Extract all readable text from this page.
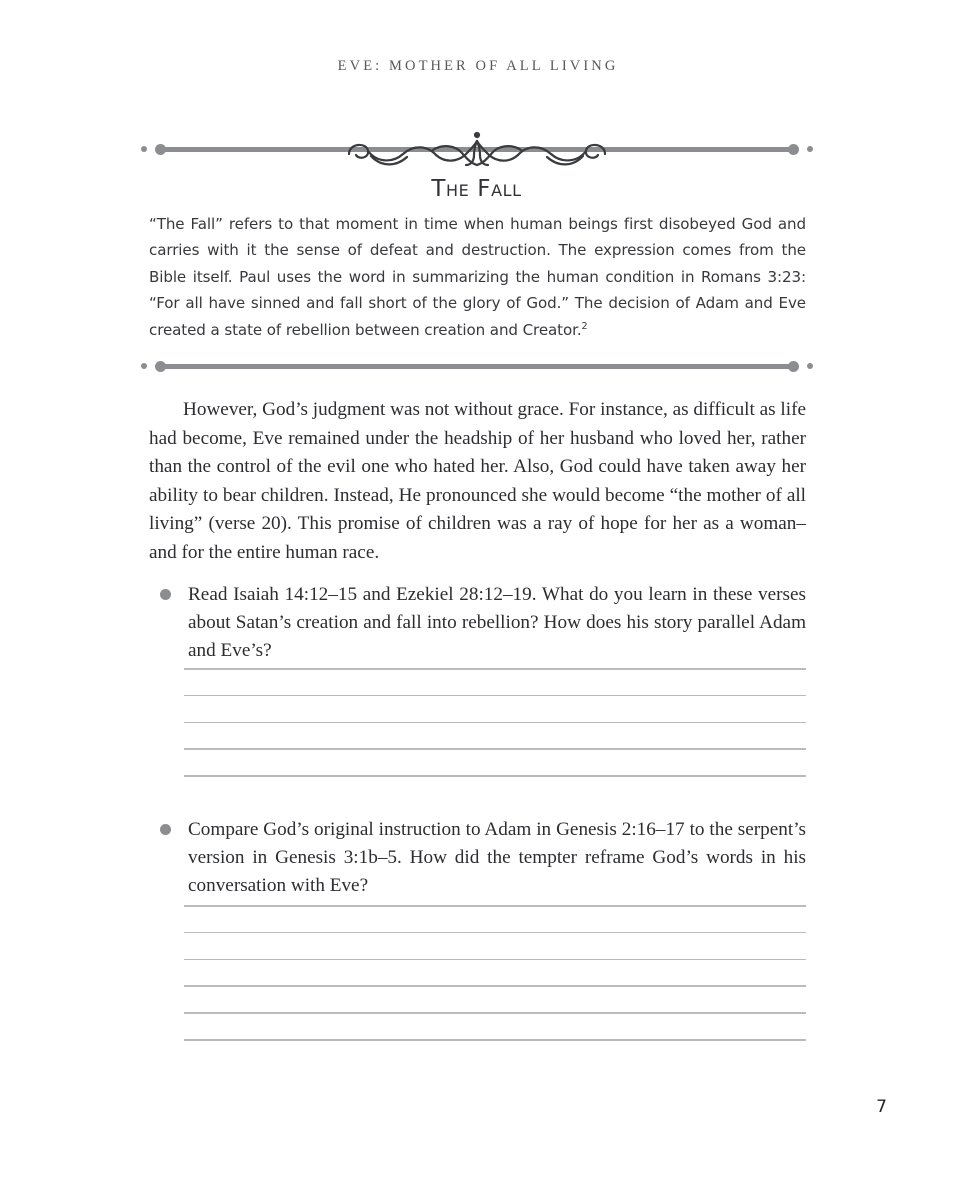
EVE: MOTHER OF ALL LIVING
The Fall
“The Fall” refers to that moment in time when human beings first disobeyed God and carries with it the sense of defeat and destruction. The expression comes from the Bible itself. Paul uses the word in summarizing the human condition in Romans 3:23: “For all have sinned and fall short of the glory of God.” The decision of Adam and Eve created a state of rebellion between creation and Creator.$^2$
However, God’s judgment was not without grace. For instance, as difficult as life had become, Eve remained under the headship of her husband who loved her, rather than the control of the evil one who hated her. Also, God could have taken away her ability to bear children. Instead, He pronounced she would become “the mother of all living” (verse 20). This promise of children was a ray of hope for her as a woman–and for the entire human race.
Read Isaiah 14:12–15 and Ezekiel 28:12–19. What do you learn in these verses about Satan’s creation and fall into rebellion? How does his story parallel Adam and Eve’s?
Compare God’s original instruction to Adam in Genesis 2:16–17 to the serpent’s version in Genesis 3:1b–5. How did the tempter reframe God’s words in his conversation with Eve?
7
